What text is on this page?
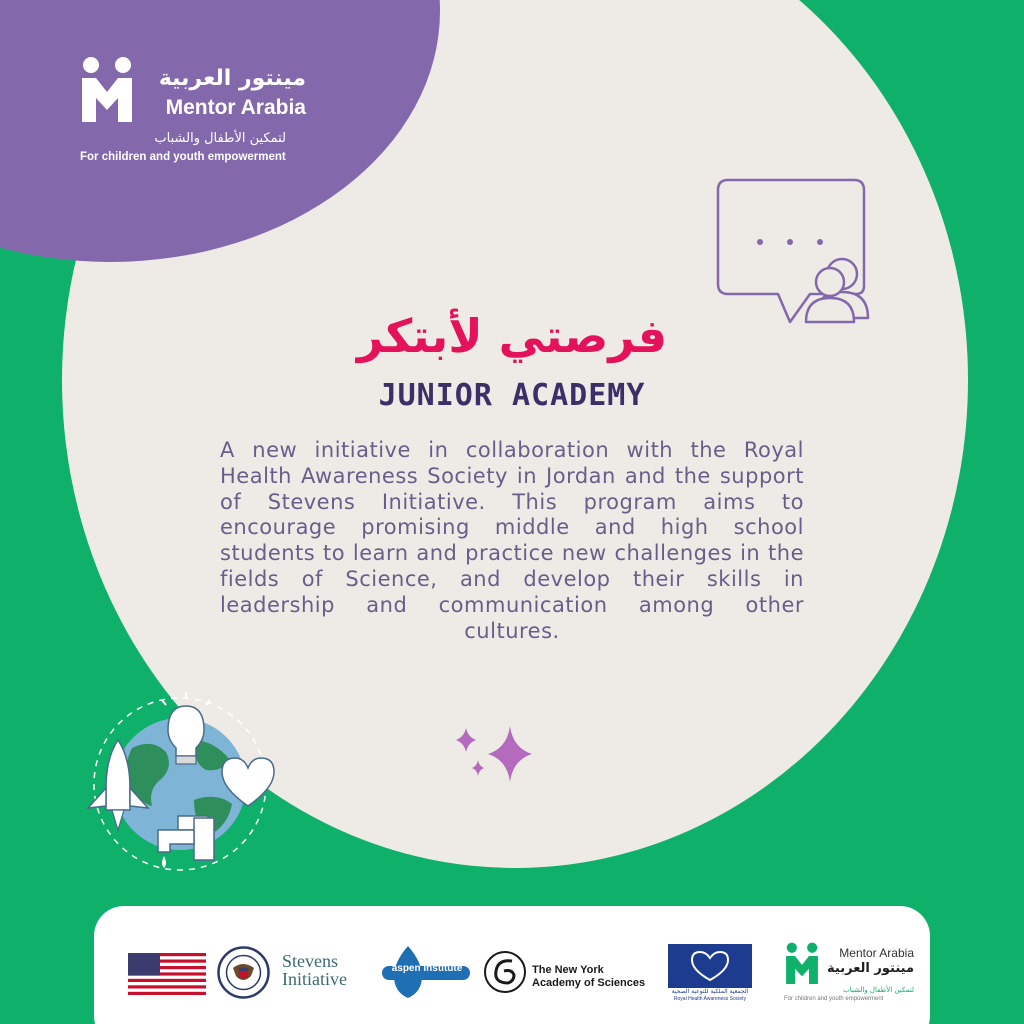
مينتور العربية
Mentor Arabia
لتمكين الأطفال والشباب
For children and youth empowerment
فرصتي لأبتكر
JUNIOR ACADEMY
A new initiative in collaboration with the Royal Health Awareness Society in Jordan and the support of Stevens Initiative. This program aims to encourage promising middle and high school students to learn and practice new challenges in the fields of Science, and develop their skills in leadership and communication among other cultures.
Stevens
Initiative
aspen institute	The New York
Academy of Sciences
الجمعية الملكية للتوعية الصحية
Royal Health Awareness Society
Mentor Arabia
مينتور العربية
لتمكين الأطفال والشباب
For children and youth empowerment
